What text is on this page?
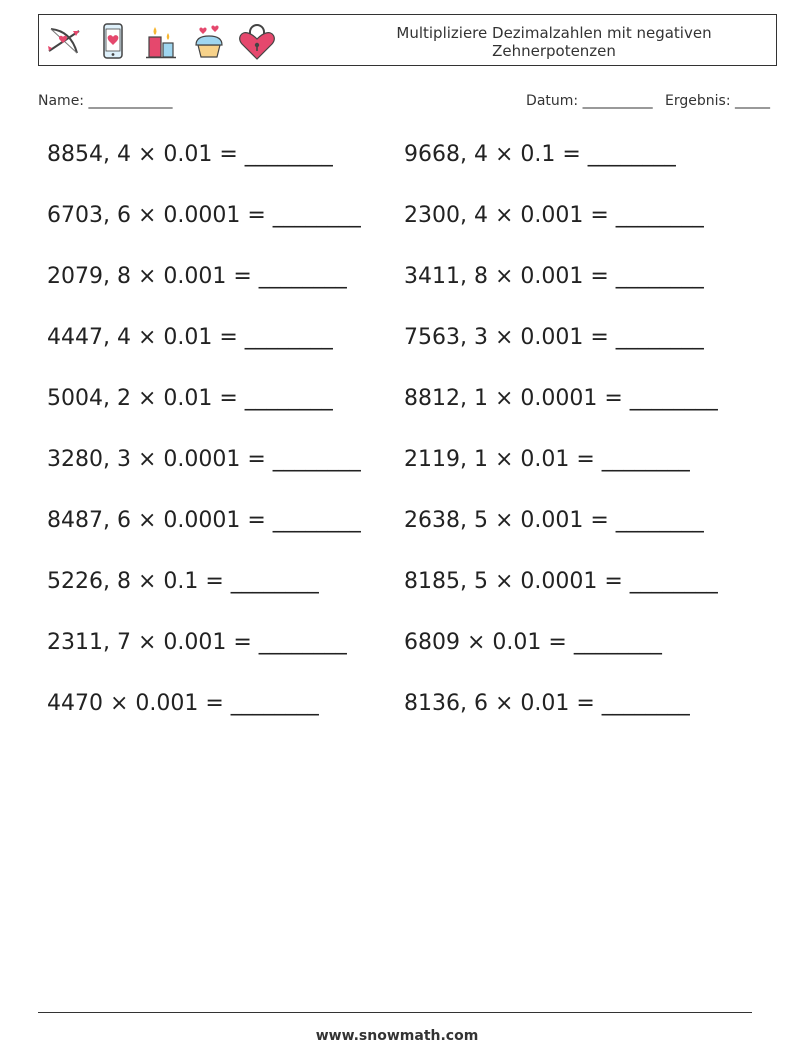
Multipliziere Dezimalzahlen mit negativen
Zehnerpotenzen
Name: ____________	Datum: __________ Ergebnis: _____
8854, 4 × 0.01 = ________	9668, 4 × 0.1 = ________
6703, 6 × 0.0001 = ________	2300, 4 × 0.001 = ________
2079, 8 × 0.001 = ________	3411, 8 × 0.001 = ________
4447, 4 × 0.01 = ________	7563, 3 × 0.001 = ________
5004, 2 × 0.01 = ________	8812, 1 × 0.0001 = ________
3280, 3 × 0.0001 = ________	2119, 1 × 0.01 = ________
8487, 6 × 0.0001 = ________	2638, 5 × 0.001 = ________
5226, 8 × 0.1 = ________	8185, 5 × 0.0001 = ________
2311, 7 × 0.001 = ________	6809 × 0.01 = ________
4470 × 0.001 = ________	8136, 6 × 0.01 = ________
www.snowmath.com
